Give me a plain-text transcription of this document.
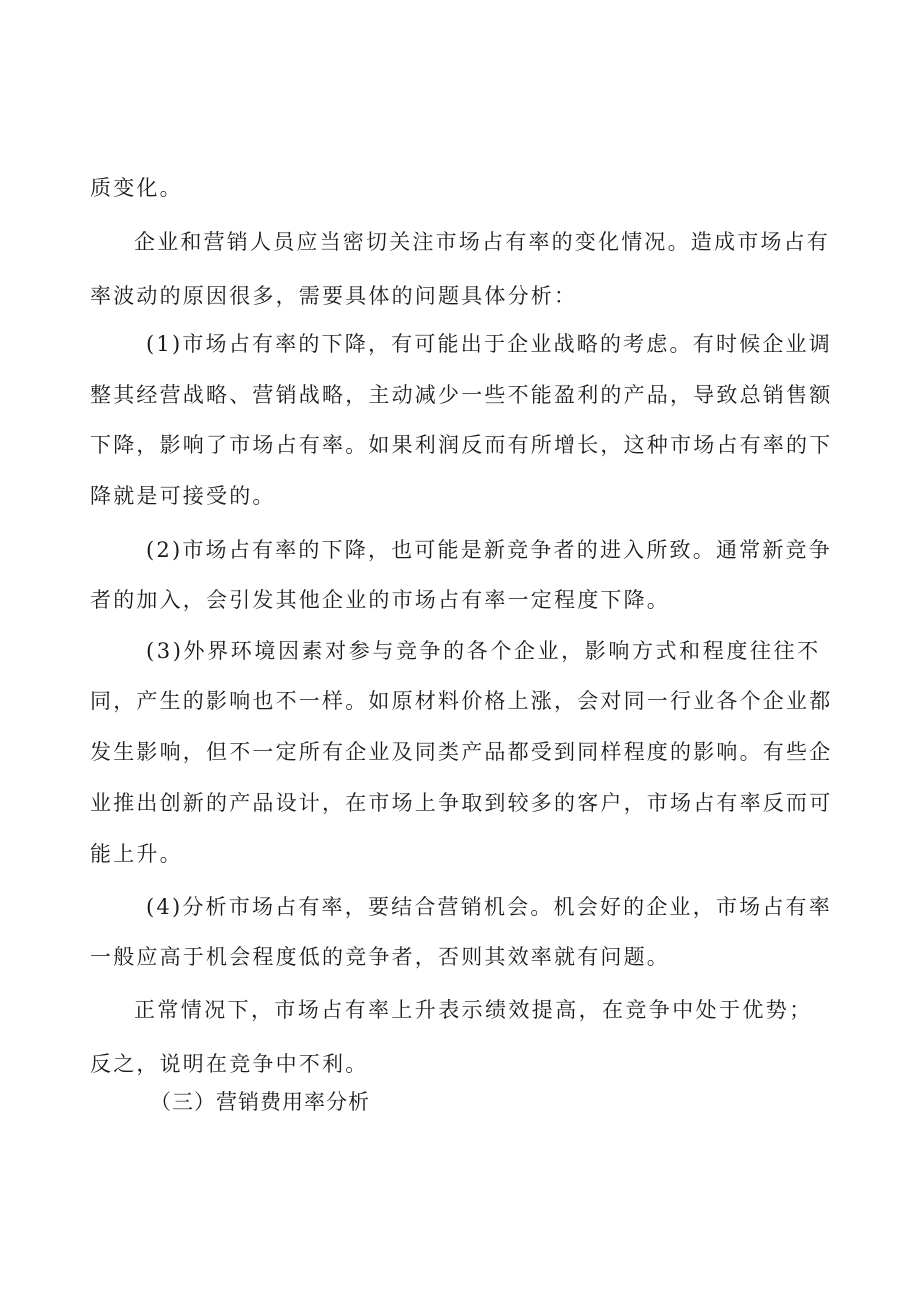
质变化。
企业和营销人员应当密切关注市场占有率的变化情况。造成市场占有
率波动的原因很多，需要具体的问题具体分析：
(1)市场占有率的下降，有可能出于企业战略的考虑。有时候企业调
整其经营战略、营销战略，主动减少一些不能盈利的产品，导致总销售额
下降，影响了市场占有率。如果利润反而有所增长，这种市场占有率的下
降就是可接受的。
(2)市场占有率的下降，也可能是新竞争者的进入所致。通常新竞争
者的加入，会引发其他企业的市场占有率一定程度下降。
(3)外界环境因素对参与竞争的各个企业，影响方式和程度往往不
同，产生的影响也不一样。如原材料价格上涨，会对同一行业各个企业都
发生影响，但不一定所有企业及同类产品都受到同样程度的影响。有些企
业推出创新的产品设计，在市场上争取到较多的客户，市场占有率反而可
能上升。
(4)分析市场占有率，要结合营销机会。机会好的企业，市场占有率
一般应高于机会程度低的竞争者，否则其效率就有问题。
正常情况下，市场占有率上升表示绩效提高，在竞争中处于优势；
反之，说明在竞争中不利。
（三）营销费用率分析
